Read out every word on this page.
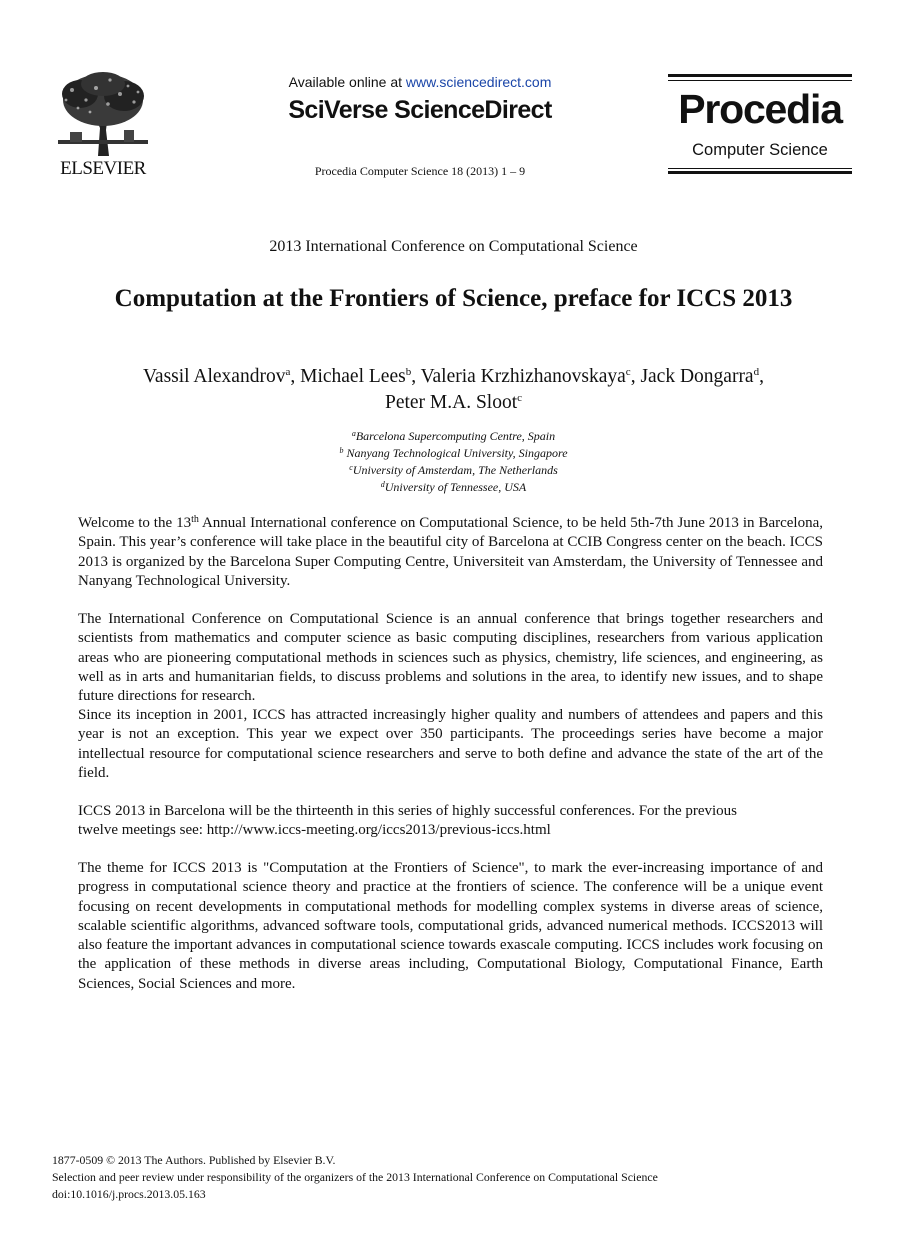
ELSEVIER
Available online at www.sciencedirect.com
SciVerse ScienceDirect
Procedia Computer Science 18 (2013) 1 – 9
Procedia
Computer Science
2013 International Conference on Computational Science
Computation at the Frontiers of Science, preface for ICCS 2013
Vassil Alexandrov$^a$, Michael Lees$^b$, Valeria Krzhizhanovskaya$^c$, Jack Dongarra$^d$,
Peter M.A. Sloot$^c$
$^a$Barcelona Supercomputing Centre, Spain
$^b$ Nanyang Technological University, Singapore
$^c$University of Amsterdam, The Netherlands
$^d$University of Tennessee, USA

Welcome to the 13th Annual International conference on Computational Science, to be held 5th-7th June 2013 in Barcelona, Spain. This year’s conference will take place in the beautiful city of Barcelona at CCIB Congress center on the beach. ICCS 2013 is organized by the Barcelona Super Computing Centre, Universiteit van Amsterdam, the University of Tennessee and Nanyang Technological University.

The International Conference on Computational Science is an annual conference that brings together researchers and scientists from mathematics and computer science as basic computing disciplines, researchers from various application areas who are pioneering computational methods in sciences such as physics, chemistry, life sciences, and engineering, as well as in arts and humanitarian fields, to discuss problems and solutions in the area, to identify new issues, and to shape future directions for research.

Since its inception in 2001, ICCS has attracted increasingly higher quality and numbers of attendees and papers and this year is not an exception. This year we expect over 350 participants. The proceedings series have become a major intellectual resource for computational science researchers and serve to both define and advance the state of the art of the field.

ICCS 2013 in Barcelona will be the thirteenth in this series of highly successful conferences. For the previous
twelve meetings see: http://www.iccs-meeting.org/iccs2013/previous-iccs.html

The theme for ICCS 2013 is "Computation at the Frontiers of Science", to mark the ever-increasing importance of and progress in computational science theory and practice at the frontiers of science. The conference will be a unique event focusing on recent developments in computational methods for modelling complex systems in diverse areas of science, scalable scientific algorithms, advanced software tools, computational grids, advanced numerical methods. ICCS2013 will also feature the important advances in computational science towards exascale computing. ICCS includes work focusing on the application of these methods in diverse areas including, Computational Biology, Computational Finance, Earth Sciences, Social Sciences and more.

1877-0509 © 2013 The Authors. Published by Elsevier B.V.
Selection and peer review under responsibility of the organizers of the 2013 International Conference on Computational Science
doi:10.1016/j.procs.2013.05.163
